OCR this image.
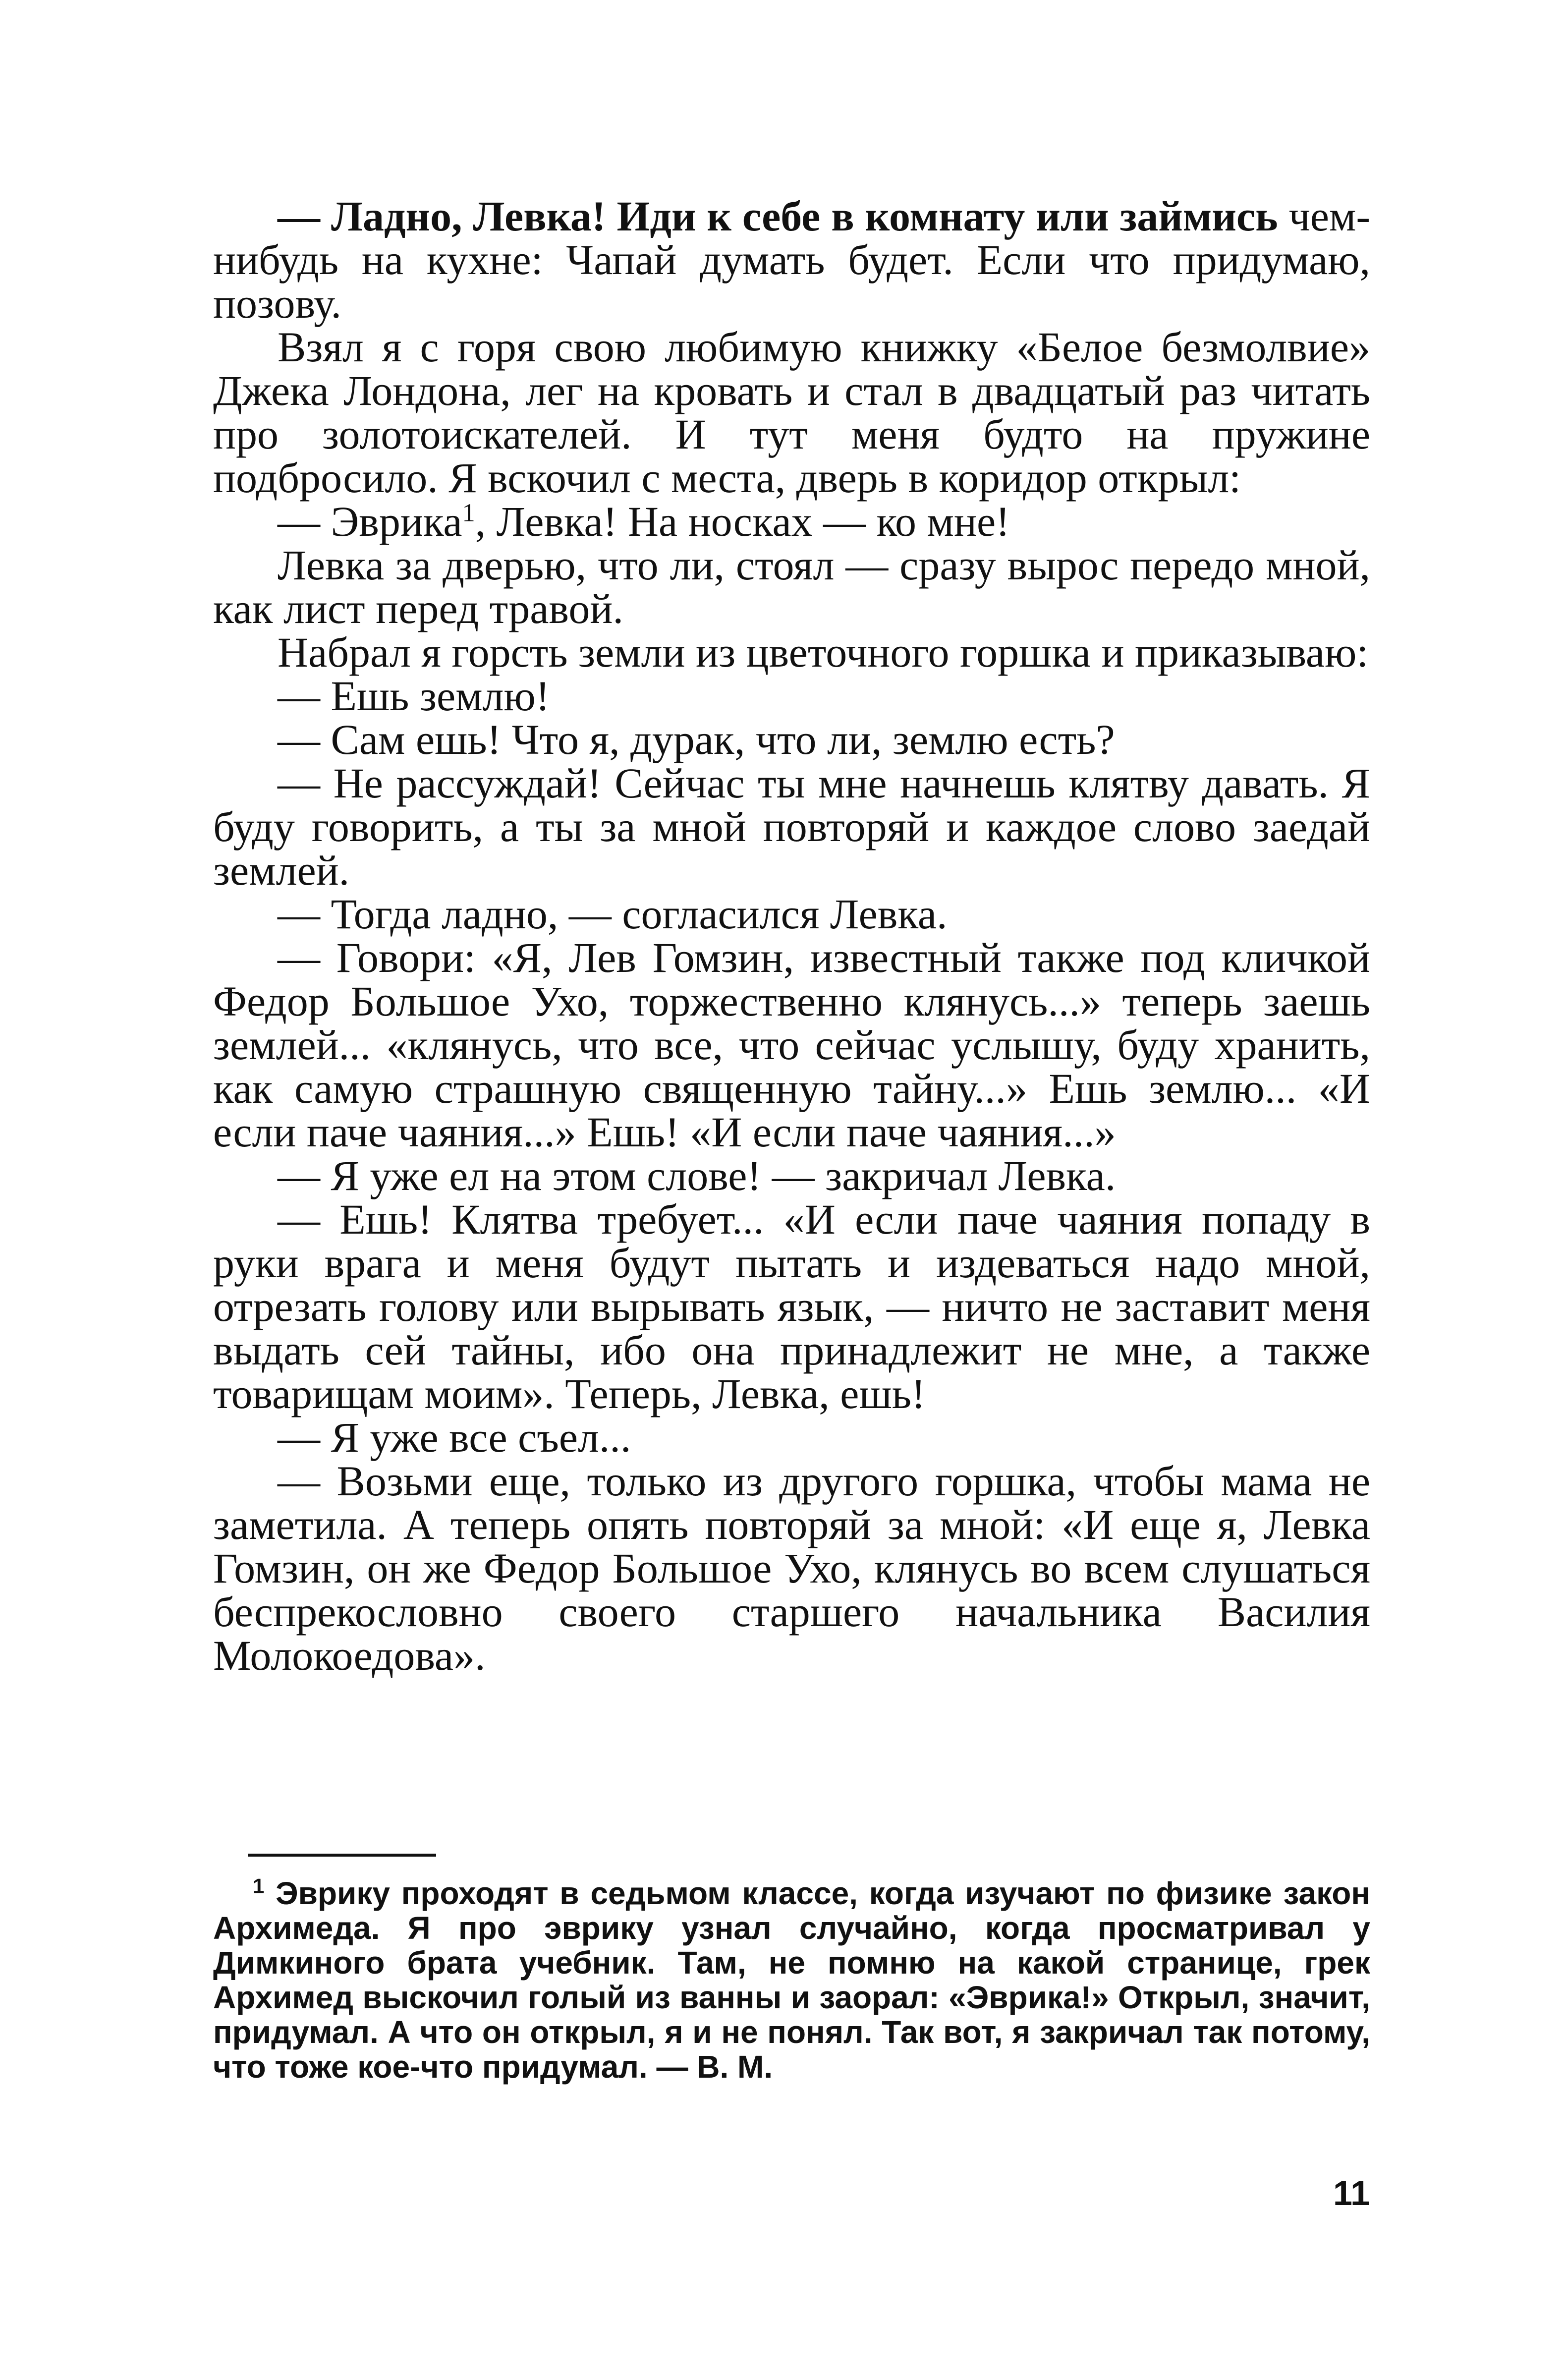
— Ладно, Левка! Иди к себе в комнату или займись чем-нибудь на кухне: Чапай думать будет. Если что придумаю, позову.

Взял я с горя свою любимую книжку «Белое безмолвие» Джека Лондона, лег на кровать и стал в двадцатый раз читать про золотоискателей. И тут меня будто на пружине подбросило. Я вскочил с места, дверь в коридор открыл:

— Эврика$^1$, Левка! На носках — ко мне!

Левка за дверью, что ли, стоял — сразу вырос передо мной, как лист перед травой.

Набрал я горсть земли из цветочного горшка и приказываю:

— Ешь землю!

— Сам ешь! Что я, дурак, что ли, землю есть?

— Не рассуждай! Сейчас ты мне начнешь клятву давать. Я буду говорить, а ты за мной повторяй и каждое слово заедай землей.

— Тогда ладно, — согласился Левка.

— Говори: «Я, Лев Гомзин, известный также под кличкой Федор Большое Ухо, торжественно клянусь...» теперь заешь землей... «клянусь, что все, что сейчас услышу, буду хранить, как самую страшную священную тайну...» Ешь землю... «И если паче чаяния...» Ешь! «И если паче чаяния...»

— Я уже ел на этом слове! — закричал Левка.

— Ешь! Клятва требует... «И если паче чаяния попаду в руки врага и меня будут пытать и издеваться надо мной, отрезать голову или вырывать язык, — ничто не заставит меня выдать сей тайны, ибо она принадлежит не мне, а также товарищам моим». Теперь, Левка, ешь!

— Я уже все съел...

— Возьми еще, только из другого горшка, чтобы мама не заметила. А теперь опять повторяй за мной: «И еще я, Левка Гомзин, он же Федор Большое Ухо, клянусь во всем слушаться беспрекословно своего старшего начальника Василия Молокоедова».

$^1$ Эврику проходят в седьмом классе, когда изучают по физике закон Архимеда. Я про эврику узнал случайно, когда просматривал у Димкиного брата учебник. Там, не помню на какой странице, грек Архимед выскочил голый из ванны и заорал: «Эврика!» Открыл, значит, придумал. А что он открыл, я и не понял. Так вот, я закричал так потому, что тоже кое-что придумал. — В. М.

11
